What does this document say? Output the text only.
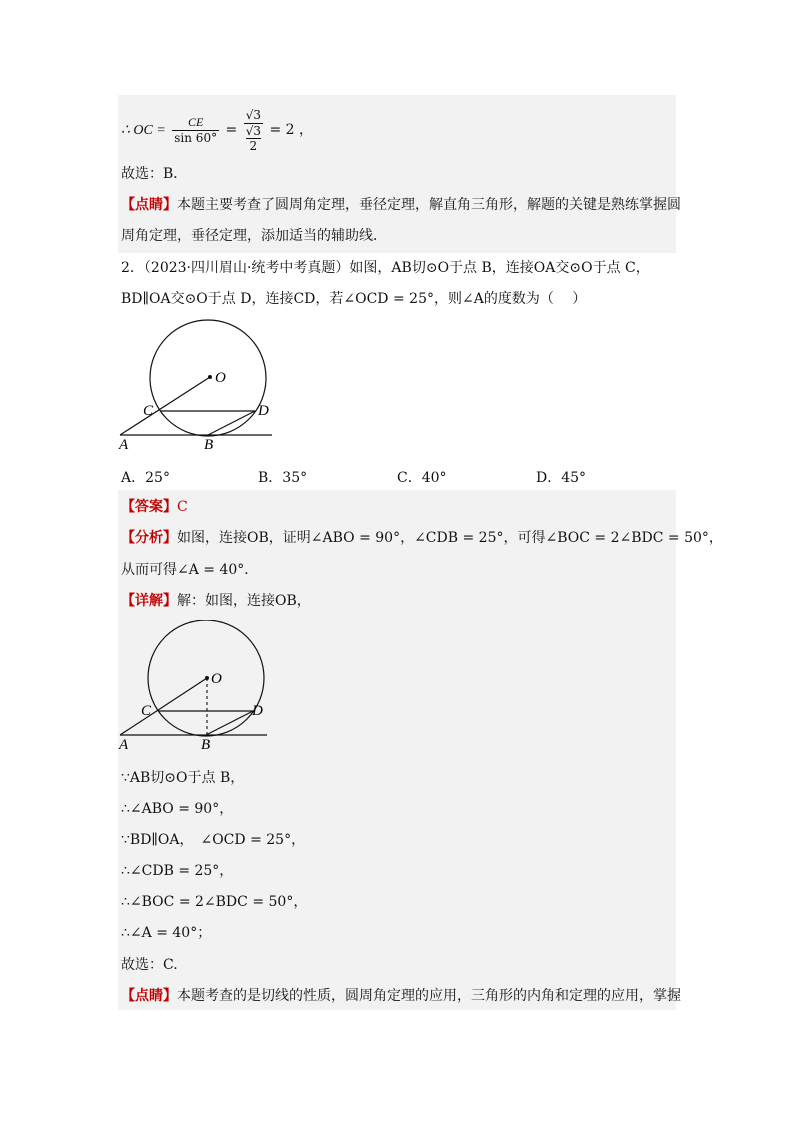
∴ OC = $\frac{CE}{\sin 60^\circ} = √3$
√3
2 = 2 ，
故选：B．
【点睛】本题主要考查了圆周角定理，垂径定理，解直角三角形，解题的关键是熟练掌握圆
周角定理，垂径定理，添加适当的辅助线．
2．（2023·四川眉山·统考中考真题）如图，AB切⊙O于点 B，连接OA交⊙O于点 C，
BD∥OA交⊙O于点 D，连接CD，若∠OCD = 25°，则∠A的度数为（　 ）
O
C	D
A	B
A．25°	B．35°	C．40°	D．45°
【答案】C
【分析】如图，连接OB，证明∠ABO = 90°，∠CDB = 25°，可得∠BOC = 2∠BDC = 50°，
从而可得∠A = 40°．
【详解】解：如图，连接OB，
O
C	D
A	B
∵AB切⊙O于点 B，
∴∠ABO = 90°，
∵BD∥OA，　∠OCD = 25°，
∴∠CDB = 25°，
∴∠BOC = 2∠BDC = 50°，
∴∠A = 40°；
故选：C.
【点睛】本题考查的是切线的性质，圆周角定理的应用，三角形的内角和定理的应用，掌握
